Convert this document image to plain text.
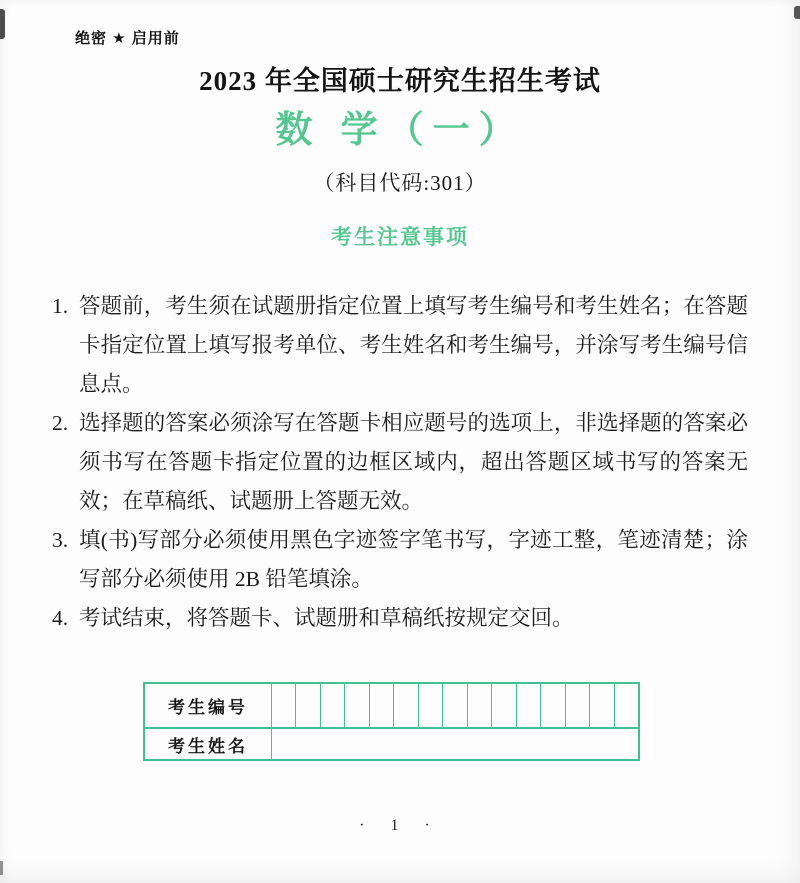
绝密 ★ 启用前
2023 年全国硕士研究生招生考试
数 学（一）
（科目代码:301）
考生注意事项
1. 答题前，考生须在试题册指定位置上填写考生编号和考生姓名；在答题卡指定位置上填写报考单位、考生姓名和考生编号，并涂写考生编号信息点。
2. 选择题的答案必须涂写在答题卡相应题号的选项上，非选择题的答案必须书写在答题卡指定位置的边框区域内，超出答题区域书写的答案无效；在草稿纸、试题册上答题无效。
3. 填(书)写部分必须使用黑色字迹签字笔书写，字迹工整，笔迹清楚；涂写部分必须使用 2B 铅笔填涂。
4. 考试结束，将答题卡、试题册和草稿纸按规定交回。
考生编号
考生姓名
· 1 ·
